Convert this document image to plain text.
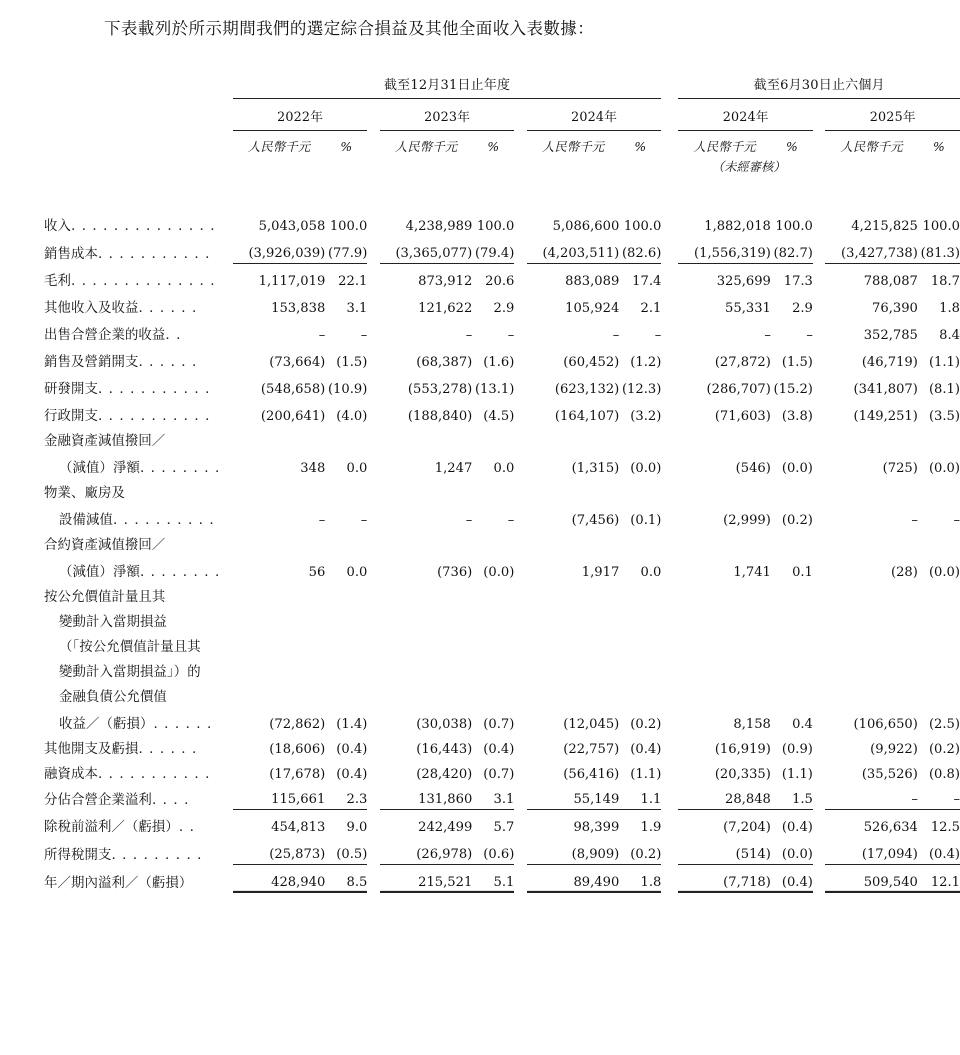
下表載列於所示期間我們的選定綜合損益及其他全面收入表數據：
		截至12月31日止年度									截至6月30日止六個月				

		2022年			2023年			2024年			2024年			2025年	

		人民幣千元	%		人民幣千元	%		人民幣千元	%		人民幣千元	%		人民幣千元	%
											（未經審核）				

收入. . . . . . . . . . . . . .		5,043,058	100.0		4,238,989	100.0		5,086,600	100.0		1,882,018	100.0		4,215,825	100.0
銷售成本. . . . . . . . . . .		(3,926,039)	(77.9)		(3,365,077)	(79.4)		(4,203,511)	(82.6)		(1,556,319)	(82.7)		(3,427,738)	(81.3)
毛利. . . . . . . . . . . . . .		1,117,019	22.1		873,912	20.6		883,089	17.4		325,699	17.3		788,087	18.7
其他收入及收益. . . . . .		153,838	3.1		121,622	2.9		105,924	2.1		55,331	2.9		76,390	1.8
出售合營企業的收益. .		–	–		–	–		–	–		–	–		352,785	8.4
銷售及營銷開支. . . . . .		(73,664)	(1.5)		(68,387)	(1.6)		(60,452)	(1.2)		(27,872)	(1.5)		(46,719)	(1.1)
研發開支. . . . . . . . . . .		(548,658)	(10.9)		(553,278)	(13.1)		(623,132)	(12.3)		(286,707)	(15.2)		(341,807)	(8.1)
行政開支. . . . . . . . . . .		(200,641)	(4.0)		(188,840)	(4.5)		(164,107)	(3.2)		(71,603)	(3.8)		(149,251)	(3.5)
金融資產減值撥回／															
（減值）淨額. . . . . . . .		348	0.0		1,247	0.0		(1,315)	(0.0)		(546)	(0.0)		(725)	(0.0)
物業、廠房及															
設備減值. . . . . . . . . .		–	–		–	–		(7,456)	(0.1)		(2,999)	(0.2)		–	–
合約資產減值撥回／															
（減值）淨額. . . . . . . .		56	0.0		(736)	(0.0)		1,917	0.0		1,741	0.1		(28)	(0.0)
按公允價值計量且其															
變動計入當期損益															
（「按公允價值計量且其															
變動計入當期損益」）的															
金融負債公允價值															
收益／（虧損）. . . . . .		(72,862)	(1.4)		(30,038)	(0.7)		(12,045)	(0.2)		8,158	0.4		(106,650)	(2.5)
其他開支及虧損. . . . . .		(18,606)	(0.4)		(16,443)	(0.4)		(22,757)	(0.4)		(16,919)	(0.9)		(9,922)	(0.2)
融資成本. . . . . . . . . . .		(17,678)	(0.4)		(28,420)	(0.7)		(56,416)	(1.1)		(20,335)	(1.1)		(35,526)	(0.8)
分佔合營企業溢利. . . .		115,661	2.3		131,860	3.1		55,149	1.1		28,848	1.5		–	–
除稅前溢利／（虧損）. .		454,813	9.0		242,499	5.7		98,399	1.9		(7,204)	(0.4)		526,634	12.5
所得稅開支. . . . . . . . .		(25,873)	(0.5)		(26,978)	(0.6)		(8,909)	(0.2)		(514)	(0.0)		(17,094)	(0.4)
年／期內溢利／（虧損）		428,940	8.5		215,521	5.1		89,490	1.8		(7,718)	(0.4)		509,540	12.1
